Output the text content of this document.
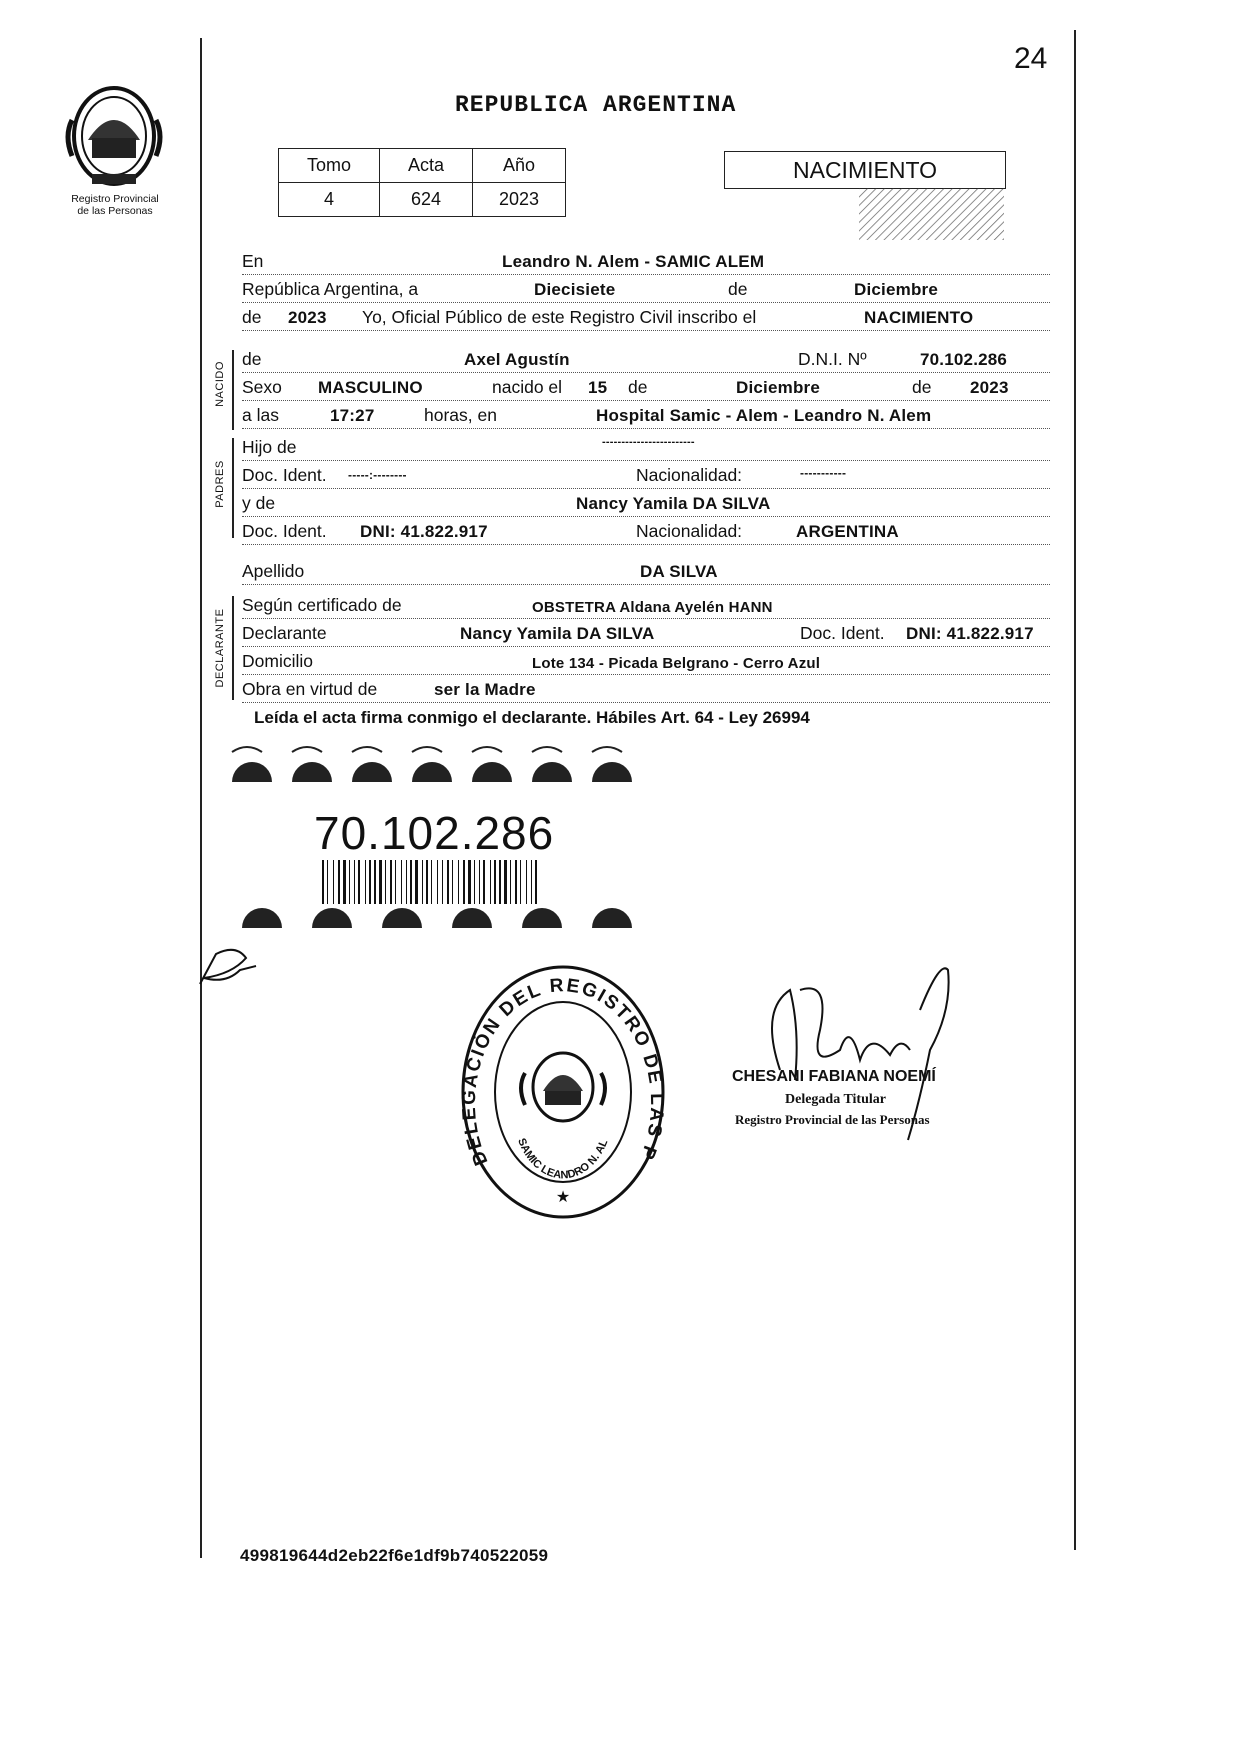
24
Registro Provincial
de las Personas
REPUBLICA ARGENTINA
Tomo	Acta	Año
4	624	2023
NACIMIENTO
En	Leandro N. Alem - SAMIC ALEM
República Argentina, a	Diecisiete	de	Diciembre
de 2023 Yo, Oficial Público de este Registro Civil inscribo el	NACIMIENTO
NACIDO
de	Axel Agustín	D.N.I. Nº	70.102.286
Sexo MASCULINO	nacido el 15 de	Diciembre	de 2023
a las	17:27	horas, en	Hospital Samic - Alem - Leandro N. Alem
PADRES
Hijo de	------------------------
Doc. Ident. -----:--------	Nacionalidad:	-----------
y de	Nancy Yamila DA SILVA
Doc. Ident. DNI: 41.822.917	Nacionalidad:	ARGENTINA
Apellido	DA SILVA
DECLARANTE
Según certificado de	OBSTETRA Aldana Ayelén HANN
Declarante	Nancy Yamila DA SILVA	Doc. Ident. DNI: 41.822.917
Domicilio	Lote 134 - Picada Belgrano - Cerro Azul
Obra en virtud de	ser la Madre
Leída el acta firma conmigo el declarante. Hábiles Art. 64 - Ley 26994
70.102.286
DELEGACIÓN DEL REGISTRO DE LAS P
SAMIC LEANDRO N. AL
★
CHESANI FABIANA NOEMÍ
Delegada Titular
Registro Provincial de las Personas
499819644d2eb22f6e1df9b740522059
